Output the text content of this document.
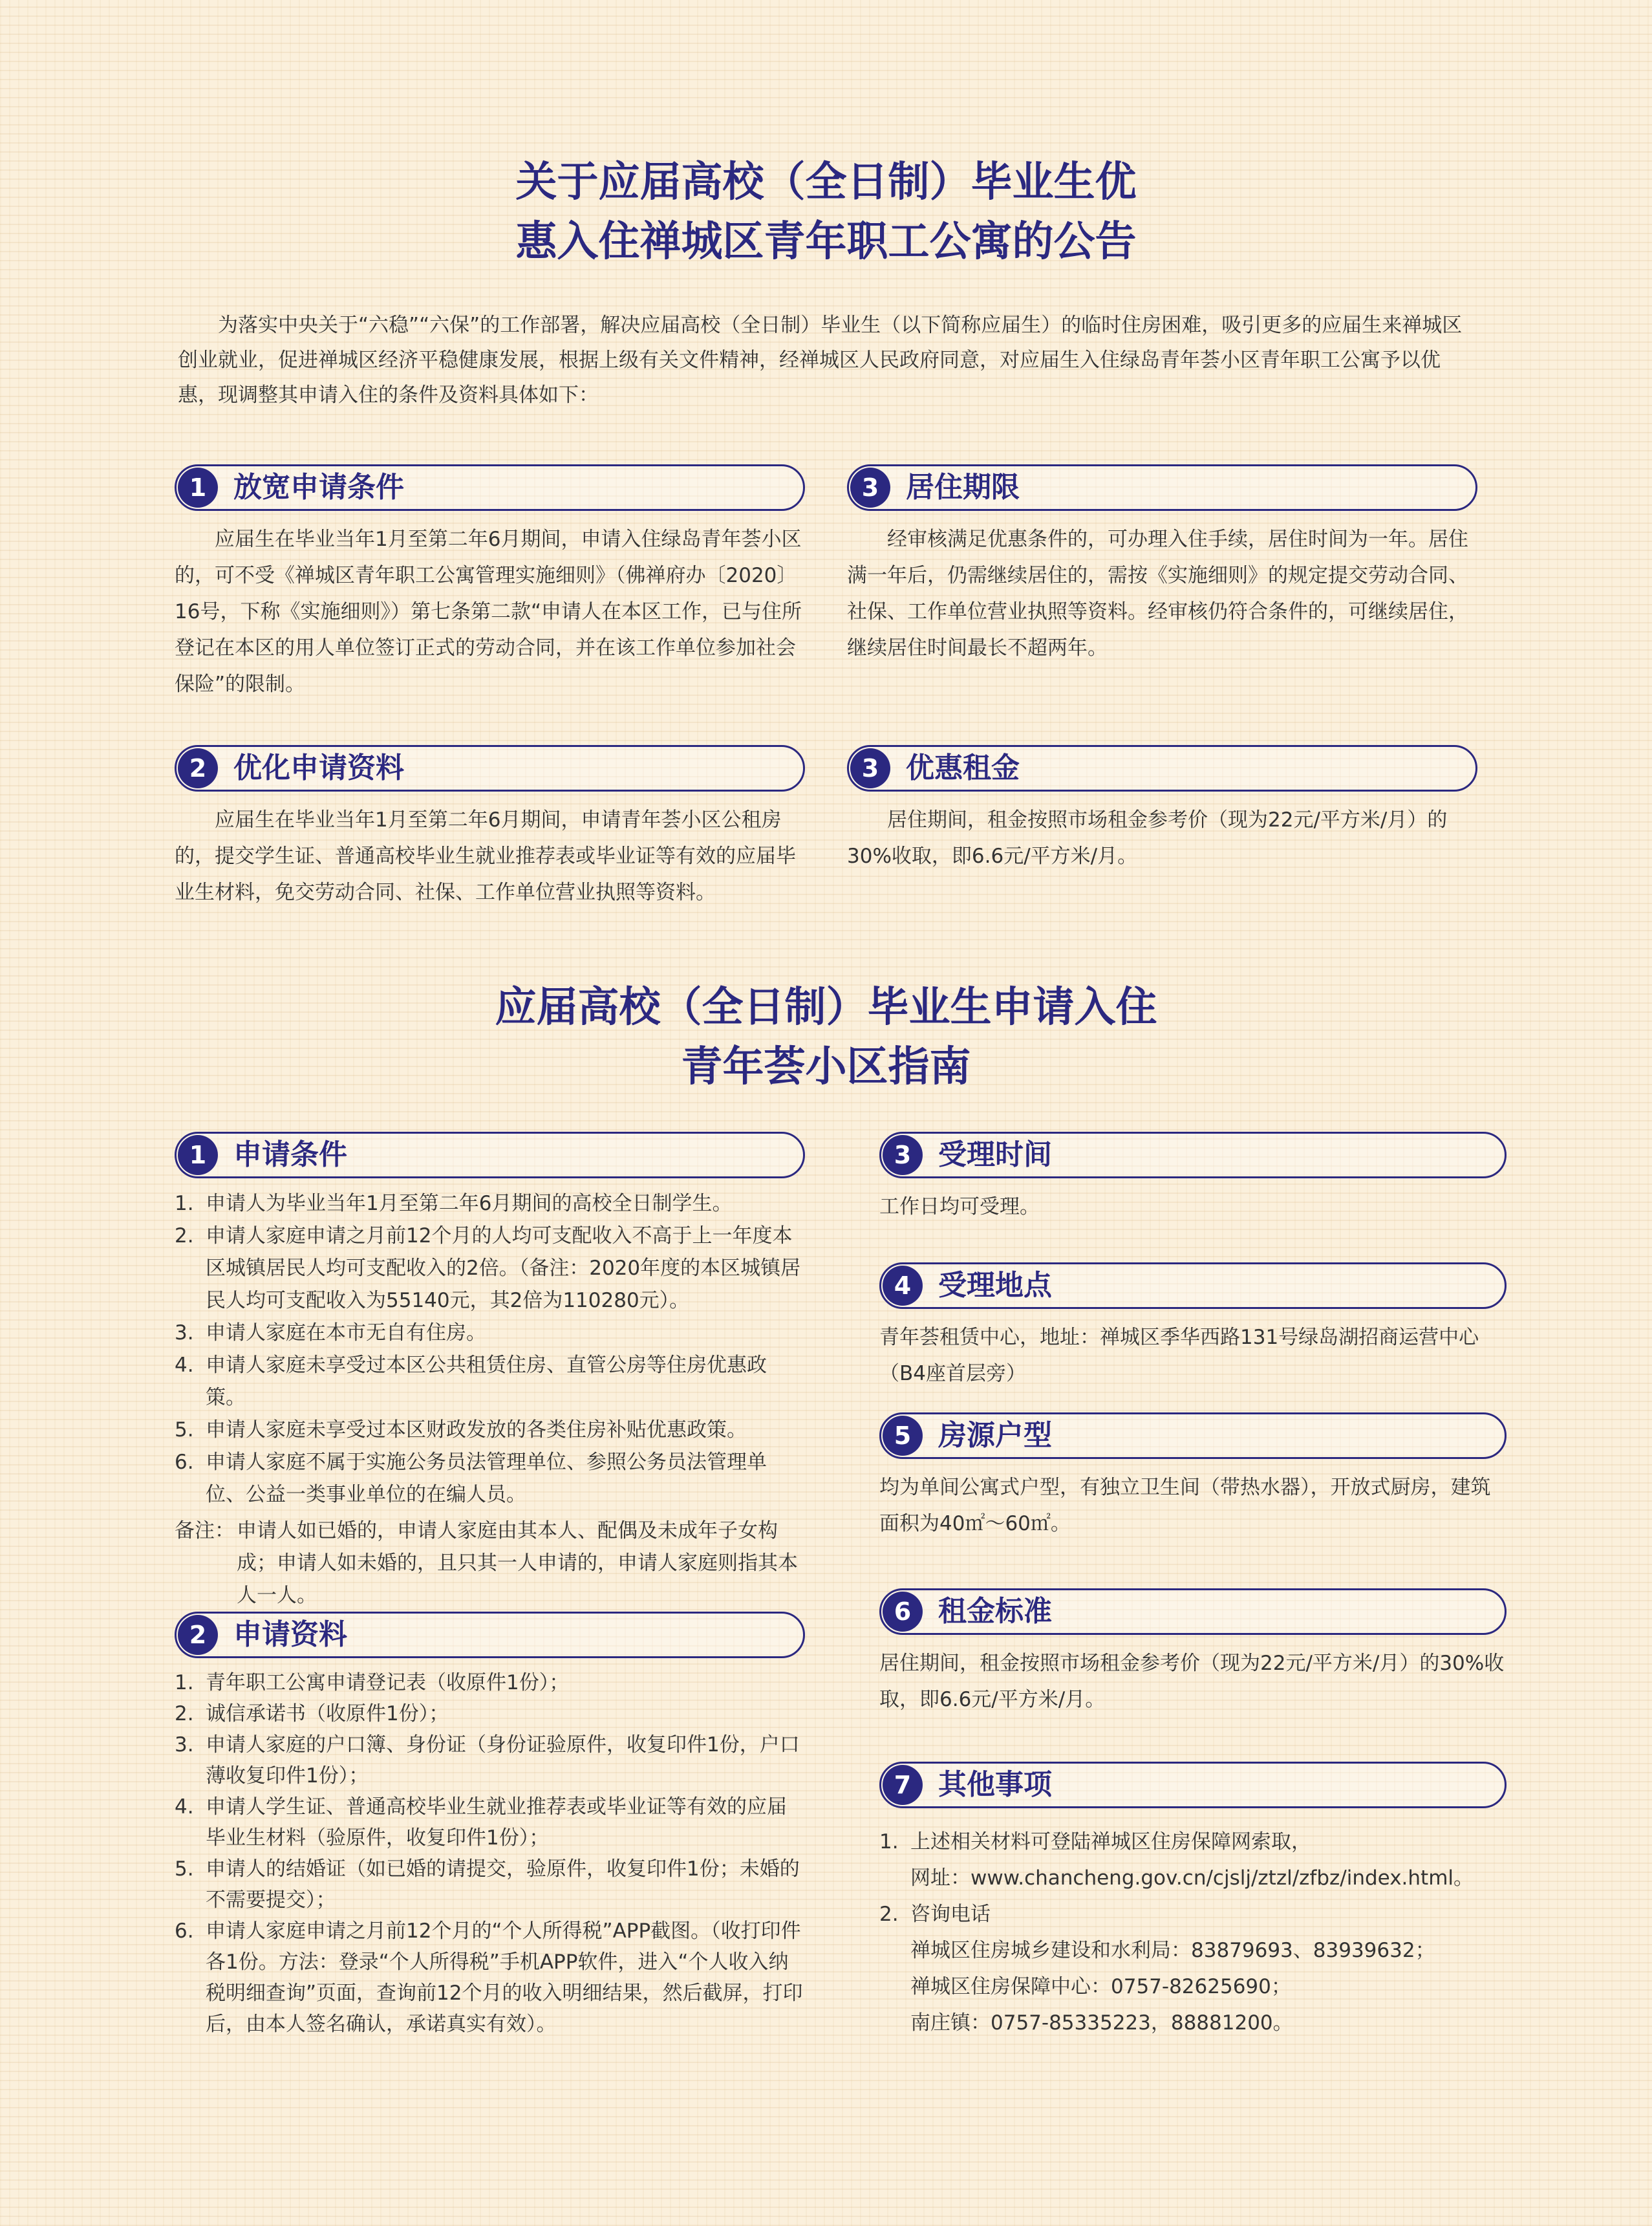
关于应届高校（全日制）毕业生优
惠入住禅城区青年职工公寓的公告
为落实中央关于“六稳”“六保”的工作部署，解决应届高校（全日制）毕业生（以下简称应届生）的临时住房困难，吸引更多的应届生来禅城区创业就业，促进禅城区经济平稳健康发展，根据上级有关文件精神，经禅城区人民政府同意，对应届生入住绿岛青年荟小区青年职工公寓予以优惠，现调整其申请入住的条件及资料具体如下：
1 放宽申请条件
应届生在毕业当年1月至第二年6月期间，申请入住绿岛青年荟小区的，可不受《禅城区青年职工公寓管理实施细则》（佛禅府办〔2020〕16号，下称《实施细则》）第七条第二款“申请人在本区工作，已与住所登记在本区的用人单位签订正式的劳动合同，并在该工作单位参加社会保险”的限制。
2 优化申请资料
应届生在毕业当年1月至第二年6月期间，申请青年荟小区公租房的，提交学生证、普通高校毕业生就业推荐表或毕业证等有效的应届毕业生材料，免交劳动合同、社保、工作单位营业执照等资料。
3 居住期限
经审核满足优惠条件的，可办理入住手续，居住时间为一年。居住满一年后，仍需继续居住的，需按《实施细则》的规定提交劳动合同、社保、工作单位营业执照等资料。经审核仍符合条件的，可继续居住，继续居住时间最长不超两年。
3 优惠租金
居住期间，租金按照市场租金参考价（现为22元/平方米/月）的30%收取，即6.6元/平方米/月。
应届高校（全日制）毕业生申请入住
青年荟小区指南
1 申请条件
1. 申请人为毕业当年1月至第二年6月期间的高校全日制学生。
2. 申请人家庭申请之月前12个月的人均可支配收入不高于上一年度本区城镇居民人均可支配收入的2倍。（备注：2020年度的本区城镇居民人均可支配收入为55140元，其2倍为110280元）。
3. 申请人家庭在本市无自有住房。
4. 申请人家庭未享受过本区公共租赁住房、直管公房等住房优惠政策。
5. 申请人家庭未享受过本区财政发放的各类住房补贴优惠政策。
6. 申请人家庭不属于实施公务员法管理单位、参照公务员法管理单位、公益一类事业单位的在编人员。
备注： 申请人如已婚的，申请人家庭由其本人、配偶及未成年子女构成；申请人如未婚的，且只其一人申请的，申请人家庭则指其本人一人。
2 申请资料
1. 青年职工公寓申请登记表（收原件1份）；
2. 诚信承诺书（收原件1份）；
3. 申请人家庭的户口簿、身份证（身份证验原件，收复印件1份，户口薄收复印件1份）；
4. 申请人学生证、普通高校毕业生就业推荐表或毕业证等有效的应届毕业生材料（验原件，收复印件1份）；
5. 申请人的结婚证（如已婚的请提交，验原件，收复印件1份；未婚的不需要提交）；
6. 申请人家庭申请之月前12个月的“个人所得税”APP截图。（收打印件各1份。方法：登录“个人所得税”手机APP软件，进入“个人收入纳税明细查询”页面，查询前12个月的收入明细结果，然后截屏，打印后，由本人签名确认，承诺真实有效）。
3 受理时间
工作日均可受理。
4 受理地点
青年荟租赁中心，地址：禅城区季华西路131号绿岛湖招商运营中心（B4座首层旁）
5 房源户型
均为单间公寓式户型，有独立卫生间（带热水器），开放式厨房，建筑面积为40㎡～60㎡。
6 租金标准
居住期间，租金按照市场租金参考价（现为22元/平方米/月）的30%收取，即6.6元/平方米/月。
7 其他事项
1. 上述相关材料可登陆禅城区住房保障网索取，
网址：www.chancheng.gov.cn/cjslj/ztzl/zfbz/index.html。
2. 咨询电话
禅城区住房城乡建设和水利局：83879693、83939632；
禅城区住房保障中心：0757-82625690；
南庄镇：0757-85335223，88881200。
